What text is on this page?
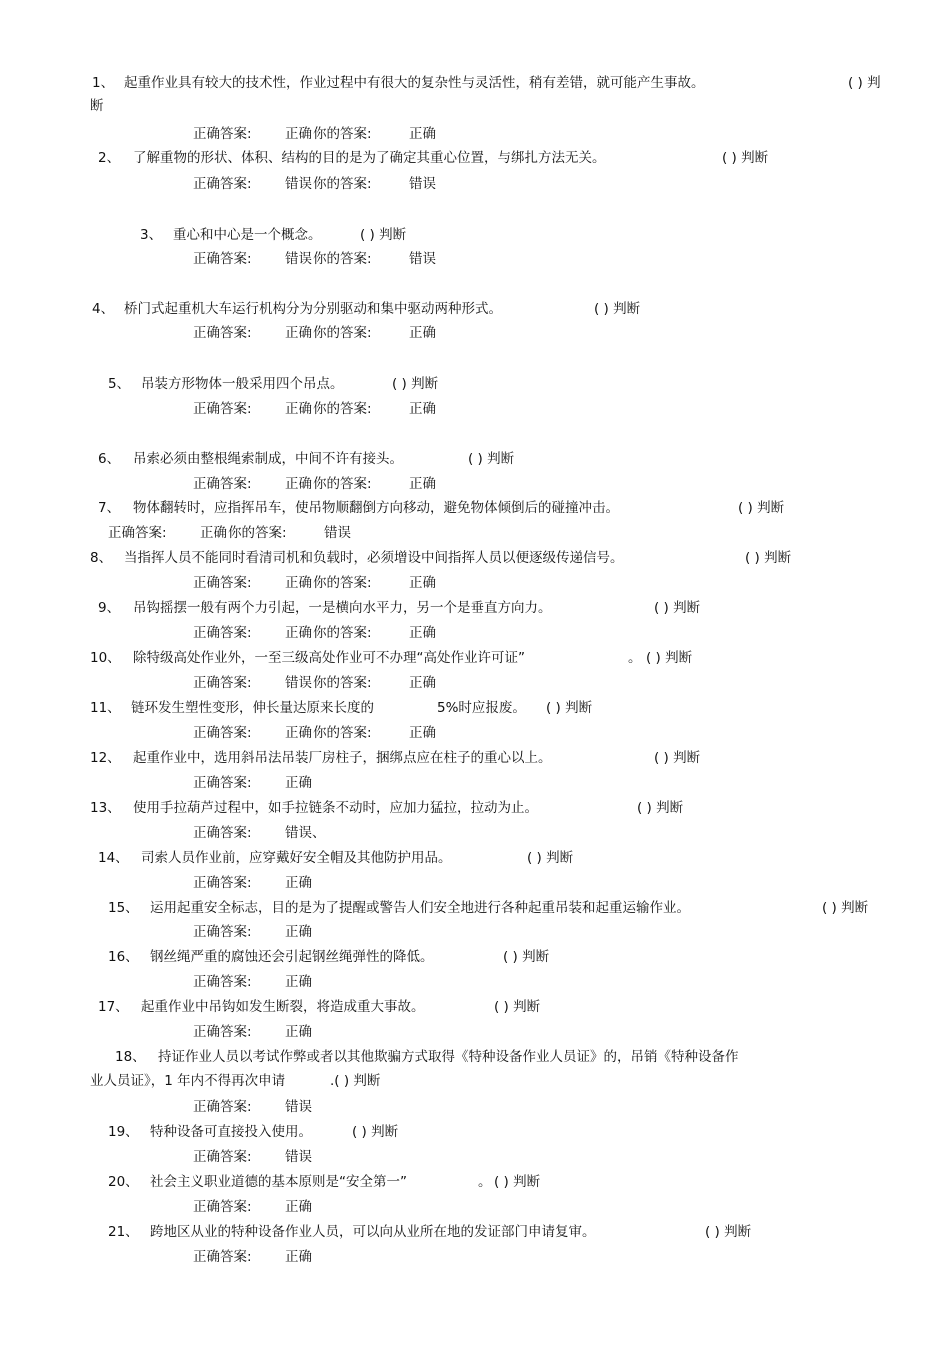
1、 起重作业具有较大的技术性，作业过程中有很大的复杂性与灵活性，稍有差错，就可能产生事故。
断
( ) 判
正确答案: 正确 你的答案:	正确
2、 了解重物的形状、体积、结构的目的是为了确定其重心位置，与绑扎方法无关。	( ) 判断
正确答案: 错误 你的答案:	错误
3、 重心和中心是一个概念。	( ) 判断
正确答案: 错误 你的答案:	错误
4、 桥门式起重机大车运行机构分为分别驱动和集中驱动两种形式。	( ) 判断
正确答案: 正确 你的答案:	正确
5、 吊装方形物体一般采用四个吊点。	( ) 判断
正确答案: 正确 你的答案:	正确
6、 吊索必须由整根绳索制成，中间不许有接头。	( ) 判断
正确答案: 正确 你的答案:	正确
7、 物体翻转时，应指挥吊车，使吊物顺翻倒方向移动，避免物体倾倒后的碰撞冲击。	( ) 判断
正确答案: 正确 你的答案:	错误
8、 当指挥人员不能同时看清司机和负载时，必须增设中间指挥人员以便逐级传递信号。	( ) 判断
正确答案: 正确 你的答案:	正确
9、 吊钩摇摆一般有两个力引起，一是横向水平力，另一个是垂直方向力。	( ) 判断
正确答案: 正确 你的答案:	正确
10、 除特级高处作业外，一至三级高处作业可不办理“高处作业许可证”	。 ( ) 判断
正确答案: 错误 你的答案:	正确
11、 链环发生塑性变形，伸长量达原来长度的	5%时应报废。 ( ) 判断
正确答案: 正确 你的答案:	正确
12、 起重作业中，选用斜吊法吊装厂房柱子，捆绑点应在柱子的重心以上。	( ) 判断
正确答案: 正确
13、 使用手拉葫芦过程中，如手拉链条不动时，应加力猛拉，拉动为止。	( ) 判断
正确答案: 错误、
14、 司索人员作业前，应穿戴好安全帽及其他防护用品。	( ) 判断
正确答案: 正确
15、 运用起重安全标志，目的是为了提醒或警告人们安全地进行各种起重吊装和起重运输作业。	( ) 判断
正确答案: 正确
16、 钢丝绳严重的腐蚀还会引起钢丝绳弹性的降低。	( ) 判断
正确答案: 正确
17、 起重作业中吊钩如发生断裂，将造成重大事故。	( ) 判断
正确答案: 正确
18、 持证作业人员以考试作弊或者以其他欺骗方式取得《特种设备作业人员证》的，吊销《特种设备作
业人员证》，1 年内不得再次申请	.( ) 判断
正确答案: 错误
19、 特种设备可直接投入使用。	( ) 判断
正确答案: 错误
20、 社会主义职业道德的基本原则是“安全第一”	。 ( ) 判断
正确答案: 正确
21、 跨地区从业的特种设备作业人员，可以向从业所在地的发证部门申请复审。	( ) 判断
正确答案: 正确
